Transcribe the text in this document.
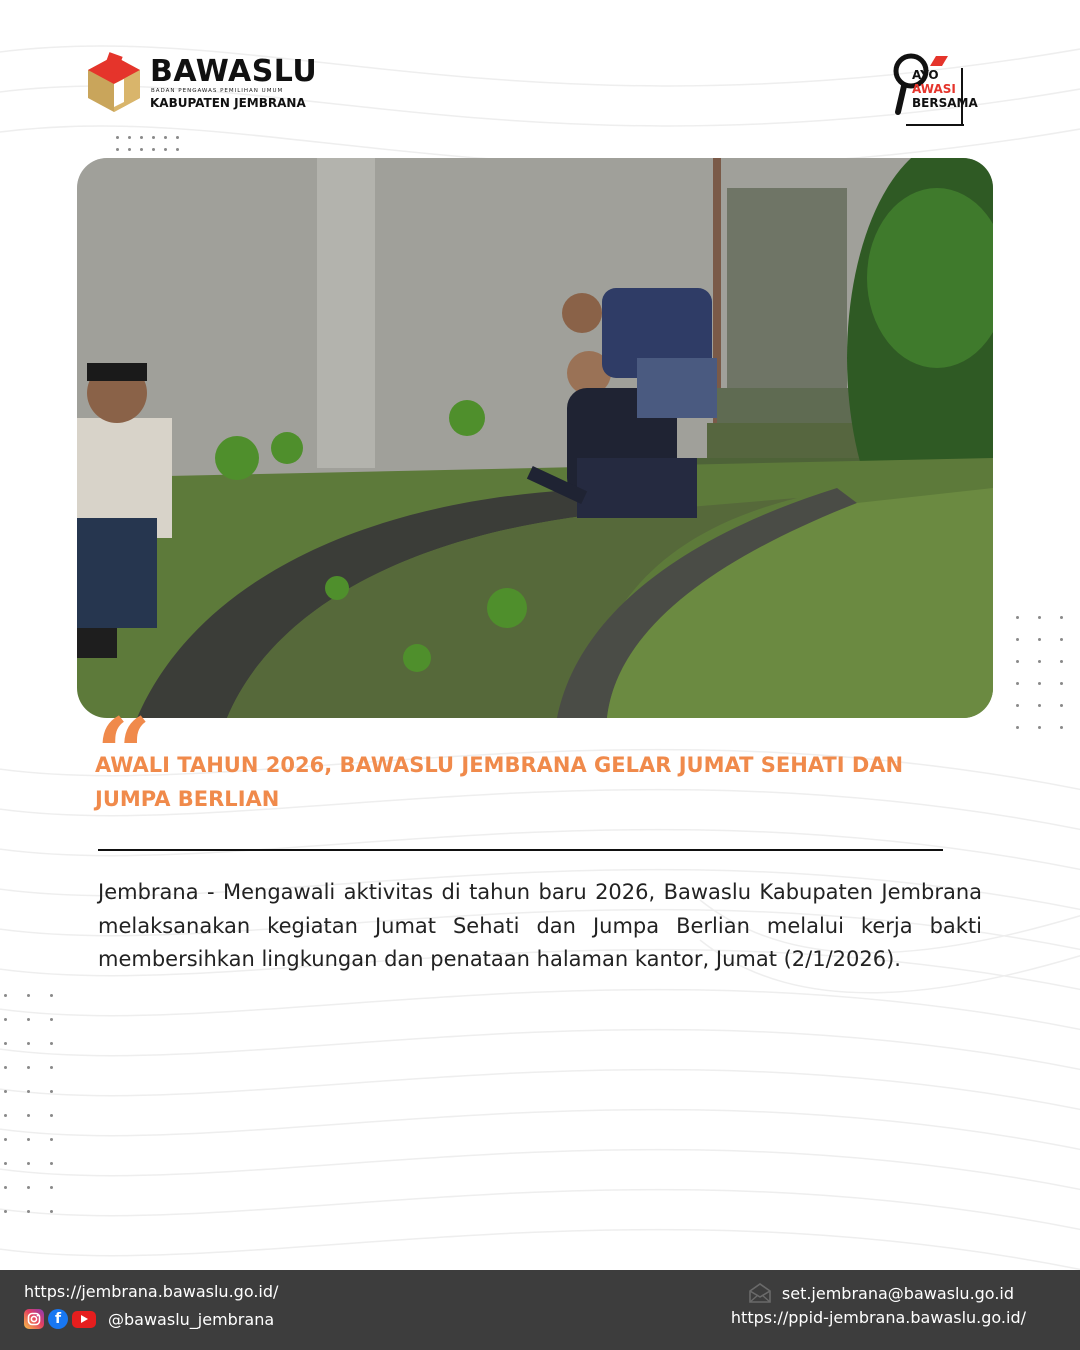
BAWASLU
BADAN PENGAWAS PEMILIHAN UMUM
KABUPATEN JEMBRANA
AYO
AWASI
BERSAMA
“
AWALI TAHUN 2026, BAWASLU JEMBRANA GELAR JUMAT SEHATI DAN JUMPA BERLIAN

Jembrana - Mengawali aktivitas di tahun baru 2026, Bawaslu Kabupaten Jembrana melaksanakan kegiatan Jumat Sehati dan Jumpa Berlian melalui kerja bakti membersihkan lingkungan dan penataan halaman kantor, Jumat (2/1/2026).

https://jembrana.bawaslu.go.id/
f	@bawaslu_jembrana
set.jembrana@bawaslu.go.id
https://ppid-jembrana.bawaslu.go.id/
